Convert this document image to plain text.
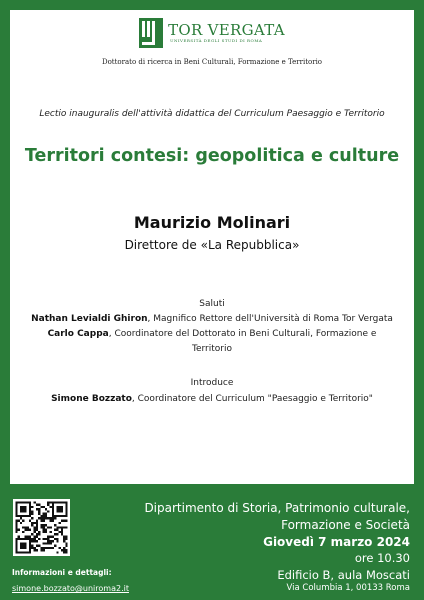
TOR VERGATA
UNIVERSITÀ DEGLI STUDI DI ROMA
Dottorato di ricerca in Beni Culturali, Formazione e Territorio
Lectio inauguralis dell'attività didattica del Curriculum Paesaggio e Territorio
Territori contesi: geopolitica e culture
Maurizio Molinari
Direttore de «La Repubblica»
Saluti
Nathan Levialdi Ghiron, Magnifico Rettore dell'Università di Roma Tor Vergata
Carlo Cappa, Coordinatore del Dottorato in Beni Culturali, Formazione e Territorio
Introduce
Simone Bozzato, Coordinatore del Curriculum "Paesaggio e Territorio"
Informazioni e dettagli:
simone.bozzato@uniroma2.it
Dipartimento di Storia, Patrimonio culturale, Formazione e Società
Giovedì 7 marzo 2024
ore 10.30
Edificio B, aula Moscati
Via Columbia 1, 00133 Roma
